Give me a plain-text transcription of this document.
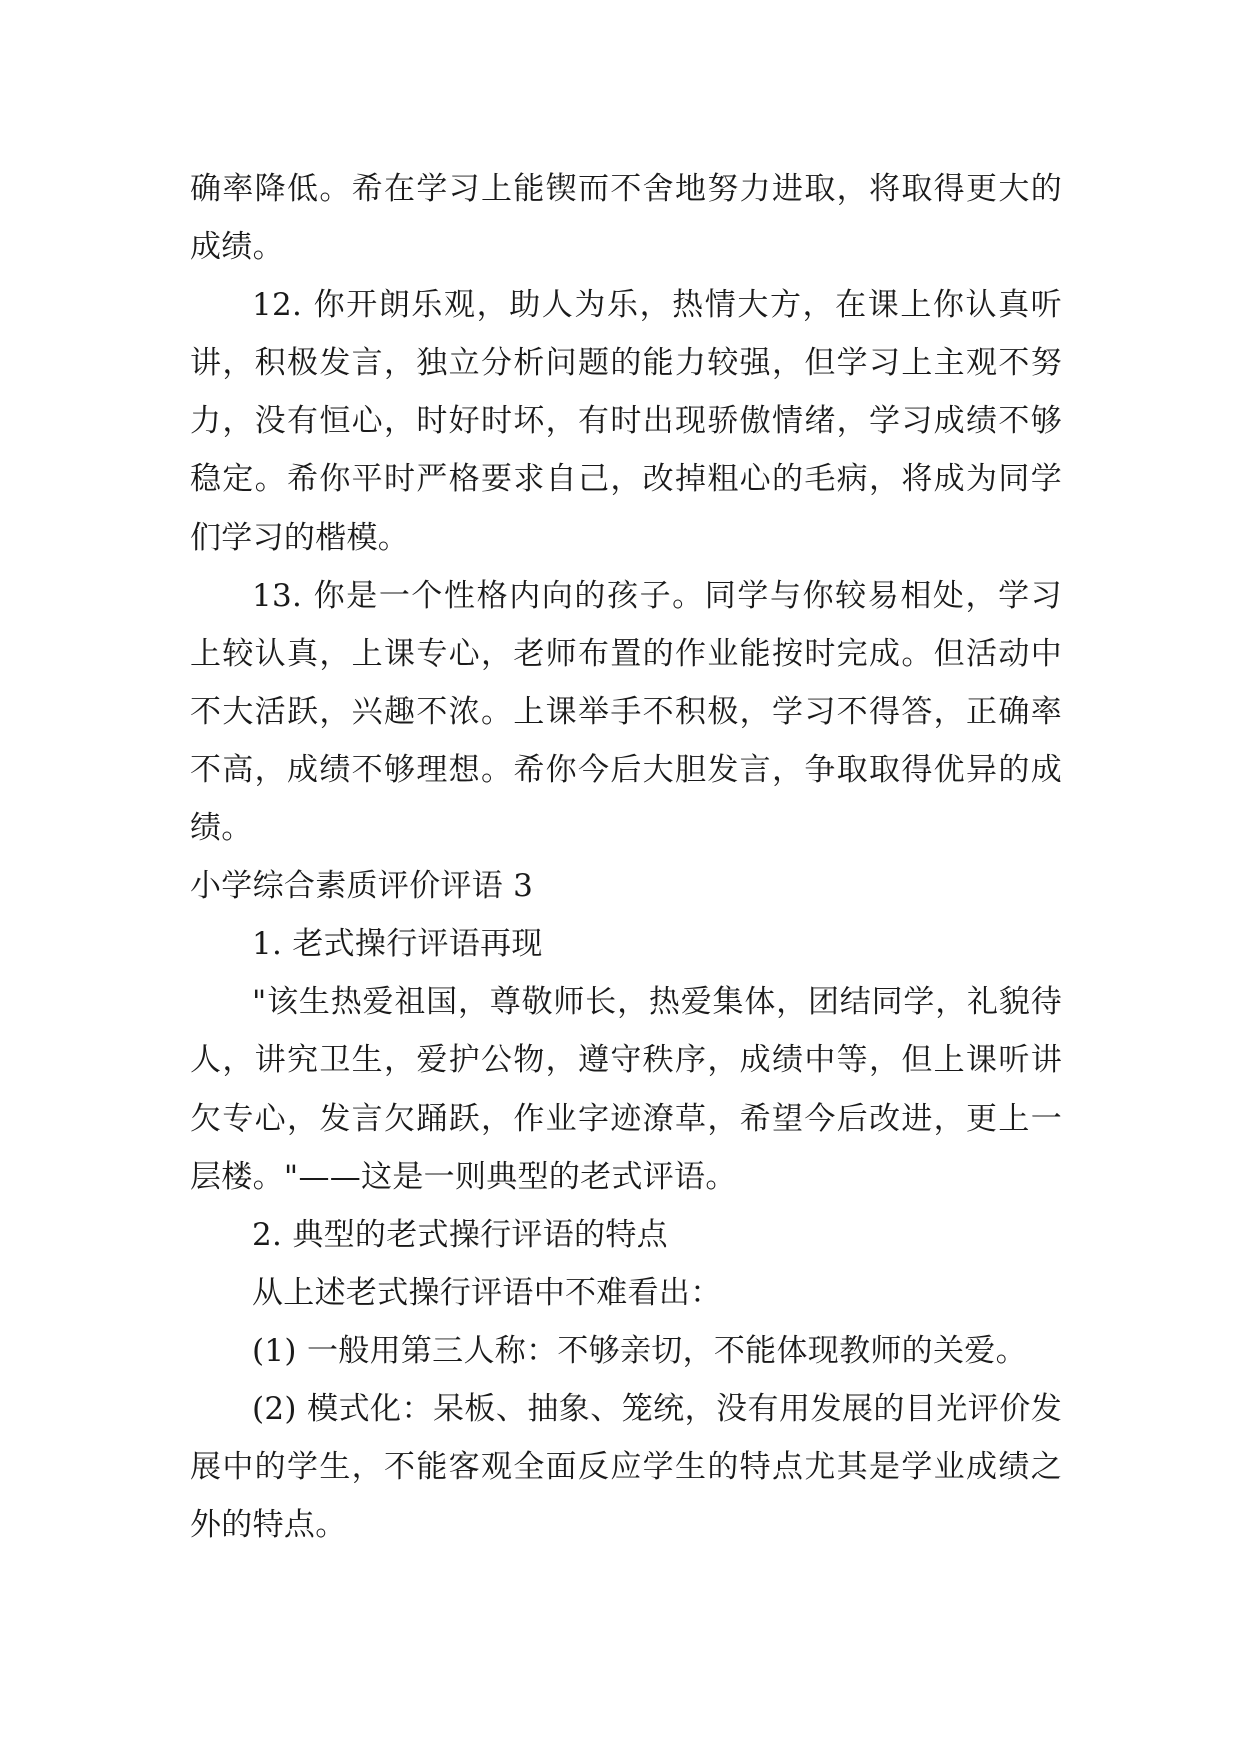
确率降低。希在学习上能锲而不舍地努力进取，将取得更大的成绩。

12. 你开朗乐观，助人为乐，热情大方，在课上你认真听讲，积极发言，独立分析问题的能力较强，但学习上主观不努力，没有恒心，时好时坏，有时出现骄傲情绪，学习成绩不够稳定。希你平时严格要求自己，改掉粗心的毛病，将成为同学们学习的楷模。

13. 你是一个性格内向的孩子。同学与你较易相处，学习上较认真，上课专心，老师布置的作业能按时完成。但活动中不大活跃，兴趣不浓。上课举手不积极，学习不得答，正确率不高，成绩不够理想。希你今后大胆发言，争取取得优异的成绩。

小学综合素质评价评语 3

1. 老式操行评语再现

"该生热爱祖国，尊敬师长，热爱集体，团结同学，礼貌待人，讲究卫生，爱护公物，遵守秩序，成绩中等，但上课听讲欠专心，发言欠踊跃，作业字迹潦草，希望今后改进，更上一层楼。"——这是一则典型的老式评语。

2. 典型的老式操行评语的特点

从上述老式操行评语中不难看出：

(1) 一般用第三人称：不够亲切，不能体现教师的关爱。

(2) 模式化：呆板、抽象、笼统，没有用发展的目光评价发展中的学生，不能客观全面反应学生的特点尤其是学业成绩之外的特点。
